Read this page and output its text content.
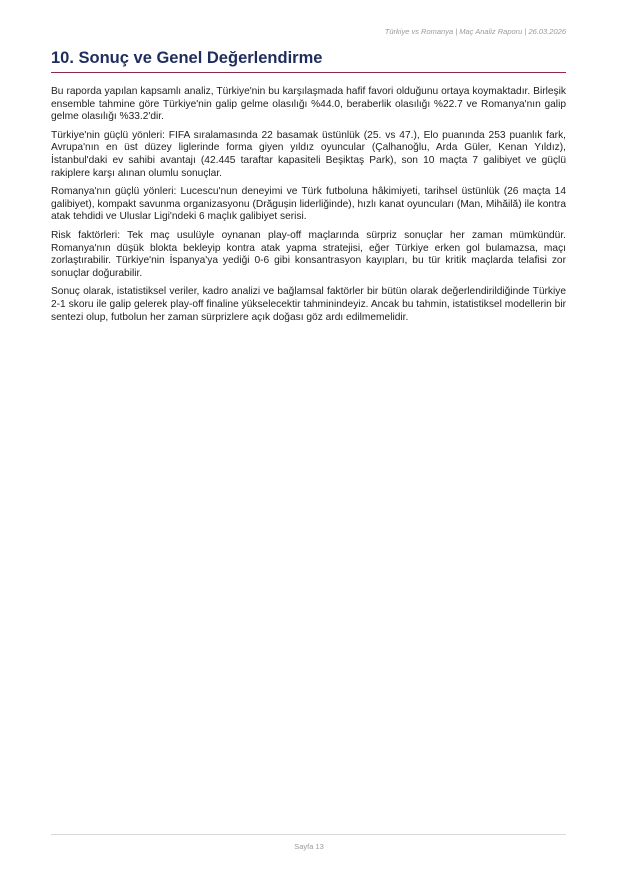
Türkiye vs Romanya | Maç Analiz Raporu | 26.03.2026
10. Sonuç ve Genel Değerlendirme

Bu raporda yapılan kapsamlı analiz, Türkiye'nin bu karşılaşmada hafif favori olduğunu ortaya koymaktadır. Birleşik ensemble tahmine göre Türkiye'nin galip gelme olasılığı %44.0, beraberlik olasılığı %22.7 ve Romanya'nın galip gelme olasılığı %33.2'dir.

Türkiye'nin güçlü yönleri: FIFA sıralamasında 22 basamak üstünlük (25. vs 47.), Elo puanında 253 puanlık fark, Avrupa'nın en üst düzey liglerinde forma giyen yıldız oyuncular (Çalhanoğlu, Arda Güler, Kenan Yıldız), İstanbul'daki ev sahibi avantajı (42.445 taraftar kapasiteli Beşiktaş Park), son 10 maçta 7 galibiyet ve güçlü rakiplere karşı alınan olumlu sonuçlar.

Romanya'nın güçlü yönleri: Lucescu'nun deneyimi ve Türk futboluna hâkimiyeti, tarihsel üstünlük (26 maçta 14 galibiyet), kompakt savunma organizasyonu (Drăgușin liderliğinde), hızlı kanat oyuncuları (Man, Mihăilă) ile kontra atak tehdidi ve Uluslar Ligi'ndeki 6 maçlık galibiyet serisi.

Risk faktörleri: Tek maç usulüyle oynanan play-off maçlarında sürpriz sonuçlar her zaman mümkündür. Romanya'nın düşük blokta bekleyip kontra atak yapma stratejisi, eğer Türkiye erken gol bulamazsa, maçı zorlaştırabilir. Türkiye'nin İspanya'ya yediği 0-6 gibi konsantrasyon kayıpları, bu tür kritik maçlarda telafisi zor sonuçlar doğurabilir.

Sonuç olarak, istatistiksel veriler, kadro analizi ve bağlamsal faktörler bir bütün olarak değerlendirildiğinde Türkiye 2-1 skoru ile galip gelerek play-off finaline yükselecektir tahminindeyiz. Ancak bu tahmin, istatistiksel modellerin bir sentezi olup, futbolun her zaman sürprizlere açık doğası göz ardı edilmemelidir.

Sayfa 13
